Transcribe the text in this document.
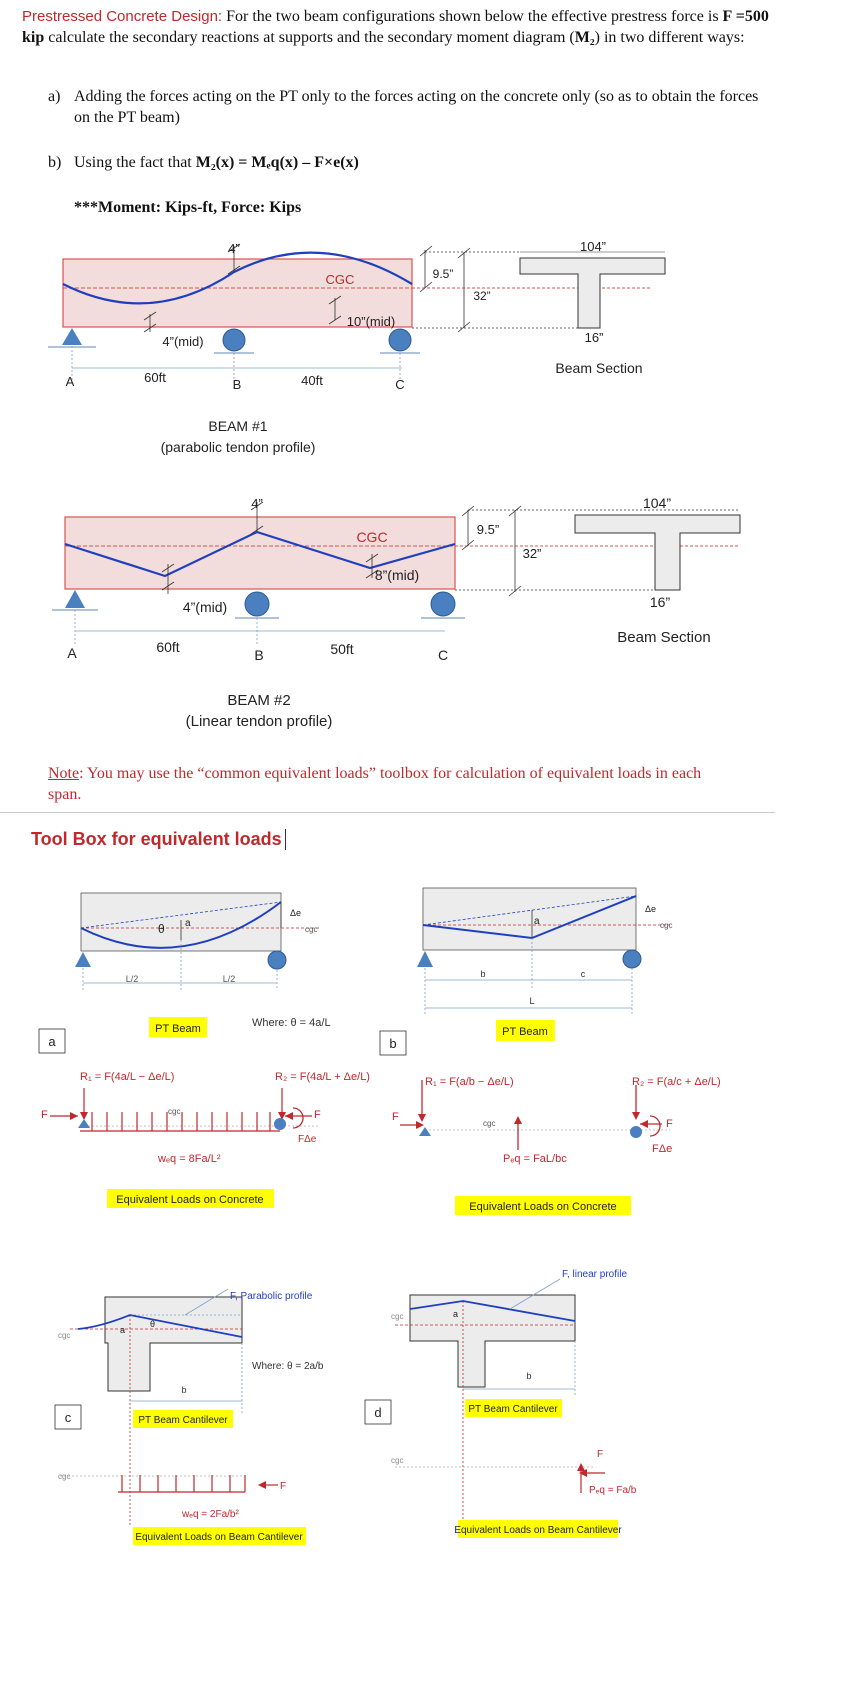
Prestressed Concrete Design: For the two beam configurations shown below the effective prestress force is F =500 kip calculate the secondary reactions at supports and the secondary moment diagram (M₂) in two different ways:
a) Adding the forces acting on the PT only to the forces acting on the concrete only (so as to obtain the forces on the PT beam)
b) Using the fact that M₂(x) = Mₑq(x) – F×e(x)
***Moment: Kips-ft, Force: Kips
4”
CGC	9.5”
32”
4”(mid)
10”(mid)
A	B	C
60ft	40ft
104”
16”
Beam Section
BEAM #1
(parabolic tendon profile)
4”
CGC	9.5”
32”
4”(mid)
8”(mid)
A	B	C
60ft	50ft
104”
16”
Beam Section
BEAM #2
(Linear tendon profile)
Note: You may use the “common equivalent loads” toolbox for calculation of equivalent loads in each span.
Tool Box for equivalent loads
a
θ a
Δe
cgc
L/2	L/2
PT Beam	Where: θ = 4a/L
R₁ = F(4a/L − Δe/L)	R₂ = F(4a/L + Δe/L)
F	F
FΔe
cgc
wₑq = 8Fa/L²
Equivalent Loads on Concrete
b
a
Δe
cgc
b	c
L
PT Beam
R₁ = F(a/b − Δe/L)	R₂ = F(a/c + Δe/L)
F
F
FΔe
cgc
Pₑq = FaL/bc
Equivalent Loads on Concrete
c
cgc
a
θ
F, Parabolic profile
Where: θ = 2a/b
b
PT Beam Cantilever
cgc
F
wₑq = 2Fa/b²
Equivalent Loads on Beam Cantilever
d
F, linear profile
cgc	a
b
PT Beam Cantilever
cgc
F
Pₑq = Fa/b
Equivalent Loads on Beam Cantilever
